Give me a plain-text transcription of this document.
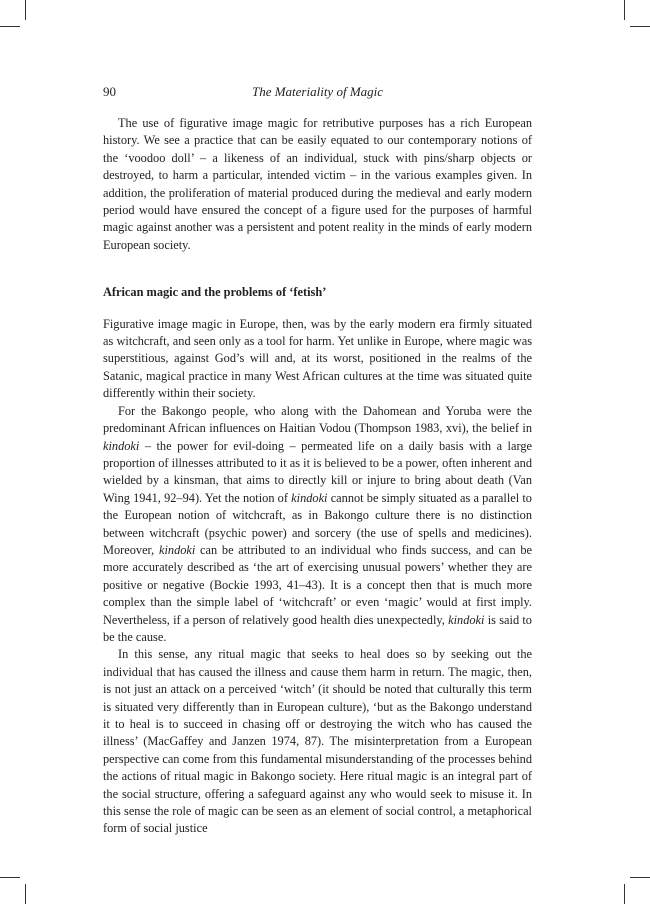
90	The Materiality of Magic

The use of figurative image magic for retributive purposes has a rich European history. We see a practice that can be easily equated to our contemporary notions of the ‘voodoo doll’ – a likeness of an individual, stuck with pins/sharp objects or destroyed, to harm a particular, intended victim – in the various examples given. In addition, the proliferation of material produced during the medieval and early modern period would have ensured the concept of a figure used for the purposes of harmful magic against another was a persistent and potent reality in the minds of early modern European society.

African magic and the problems of ‘fetish’

Figurative image magic in Europe, then, was by the early modern era firmly situated as witchcraft, and seen only as a tool for harm. Yet unlike in Europe, where magic was superstitious, against God’s will and, at its worst, positioned in the realms of the Satanic, magical practice in many West African cultures at the time was situated quite differently within their society.

For the Bakongo people, who along with the Dahomean and Yoruba were the predominant African influences on Haitian Vodou (Thompson 1983, xvi), the belief in kindoki – the power for evil-doing – permeated life on a daily basis with a large proportion of illnesses attributed to it as it is believed to be a power, often inherent and wielded by a kinsman, that aims to directly kill or injure to bring about death (Van Wing 1941, 92–94). Yet the notion of kindoki cannot be simply situated as a parallel to the European notion of witchcraft, as in Bakongo culture there is no distinction between witchcraft (psychic power) and sorcery (the use of spells and medicines). Moreover, kindoki can be attributed to an individual who finds success, and can be more accurately described as ‘the art of exercising unusual powers’ whether they are positive or negative (Bockie 1993, 41–43). It is a concept then that is much more complex than the simple label of ‘witchcraft’ or even ‘magic’ would at first imply. Nevertheless, if a person of relatively good health dies unexpectedly, kindoki is said to be the cause.

In this sense, any ritual magic that seeks to heal does so by seeking out the individual that has caused the illness and cause them harm in return. The magic, then, is not just an attack on a perceived ‘witch’ (it should be noted that culturally this term is situated very differently than in European culture), ‘but as the Bakongo understand it to heal is to succeed in chasing off or destroying the witch who has caused the illness’ (MacGaffey and Janzen 1974, 87). The misinterpretation from a European perspective can come from this fundamental misunderstanding of the processes behind the actions of ritual magic in Bakongo society. Here ritual magic is an integral part of the social structure, offering a safeguard against any who would seek to misuse it. In this sense the role of magic can be seen as an element of social control, a metaphorical form of social justice
